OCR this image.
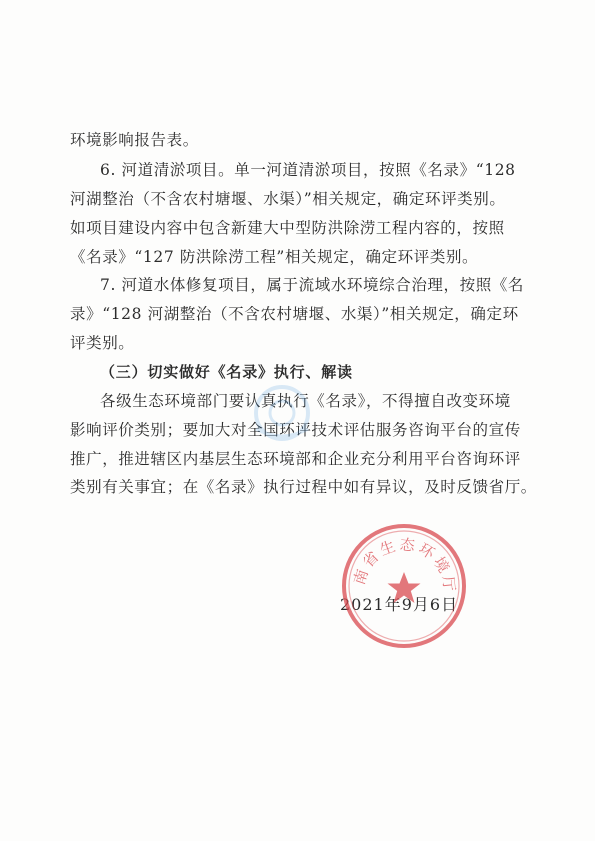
环境影响报告表。
6. 河道清淤项目。单一河道清淤项目，按照《名录》“128
河湖整治（不含农村塘堰、水渠）”相关规定，确定环评类别。
如项目建设内容中包含新建大中型防洪除涝工程内容的，按照
《名录》“127 防洪除涝工程”相关规定，确定环评类别。
7. 河道水体修复项目，属于流域水环境综合治理，按照《名
录》“128 河湖整治（不含农村塘堰、水渠）”相关规定，确定环
评类别。
（三）切实做好《名录》执行、解读
各级生态环境部门要认真执行《名录》，不得擅自改变环境
影响评价类别；要加大对全国环评技术评估服务咨询平台的宣传
推广，推进辖区内基层生态环境部和企业充分利用平台咨询环评
类别有关事宜；在《名录》执行过程中如有异议，及时反馈省厅。
2021年9月6日
南省生态环境厅
